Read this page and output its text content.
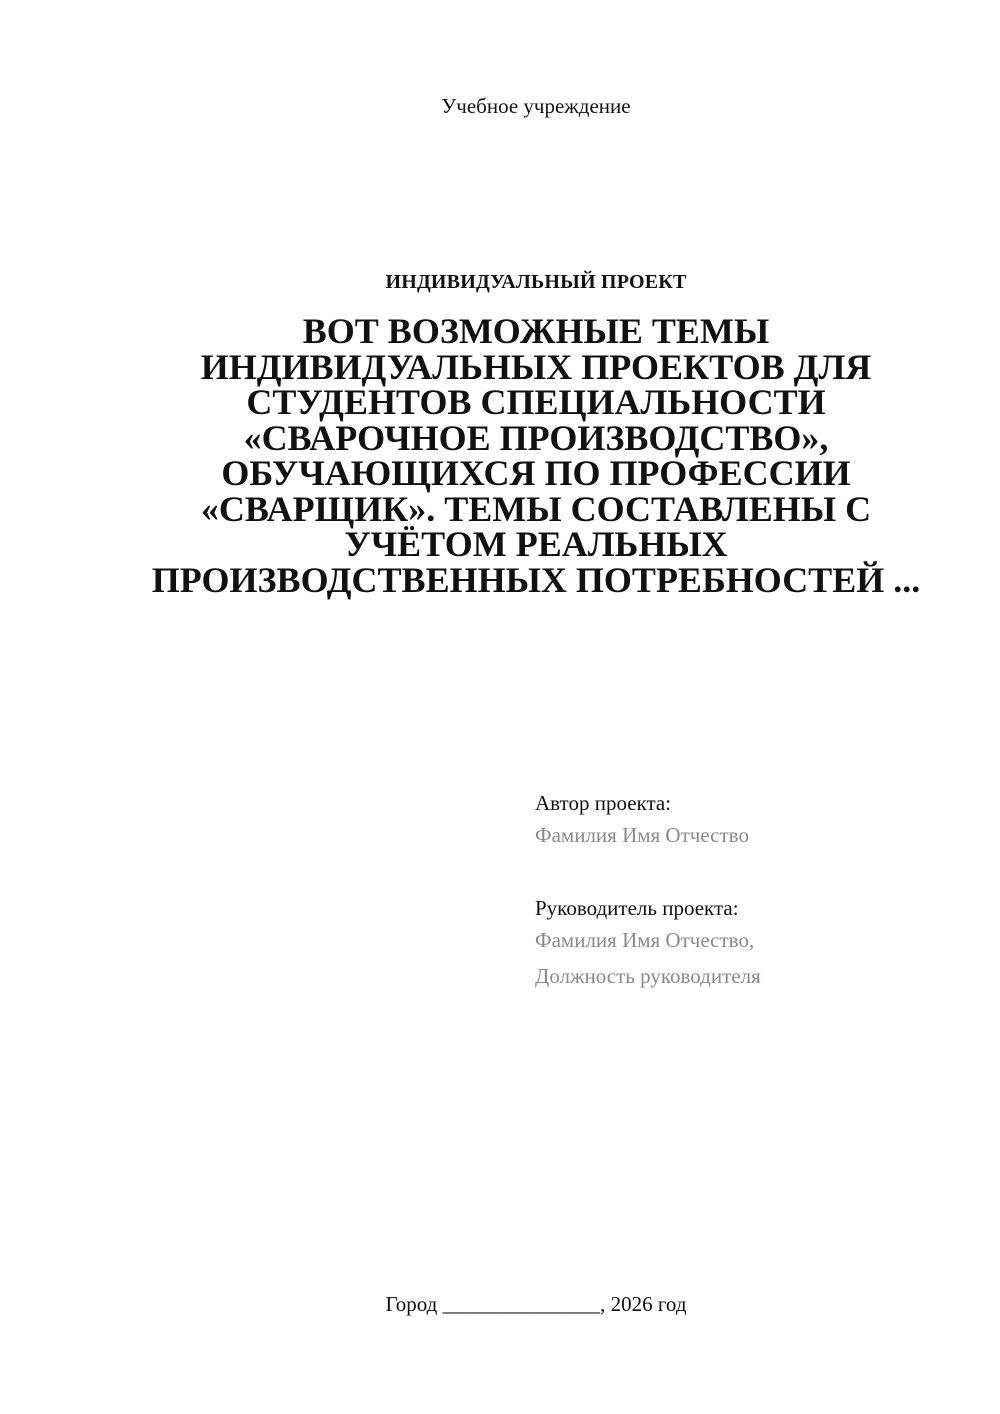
Учебное учреждение
ИНДИВИДУАЛЬНЫЙ ПРОЕКТ
ВОТ ВОЗМОЖНЫЕ ТЕМЫ ИНДИВИДУАЛЬНЫХ ПРОЕКТОВ ДЛЯ СТУДЕНТОВ СПЕЦИАЛЬНОСТИ «СВАРОЧНОЕ ПРОИЗВОДСТВО», ОБУЧАЮЩИХСЯ ПО ПРОФЕССИИ «СВАРЩИК». ТЕМЫ СОСТАВЛЕНЫ С УЧЁТОМ РЕАЛЬНЫХ ПРОИЗВОДСТВЕННЫХ ПОТРЕБНОСТЕЙ ...
Автор проекта:
Фамилия Имя Отчество
Руководитель проекта:
Фамилия Имя Отчество,
Должность руководителя
Город _______________, 2026 год
